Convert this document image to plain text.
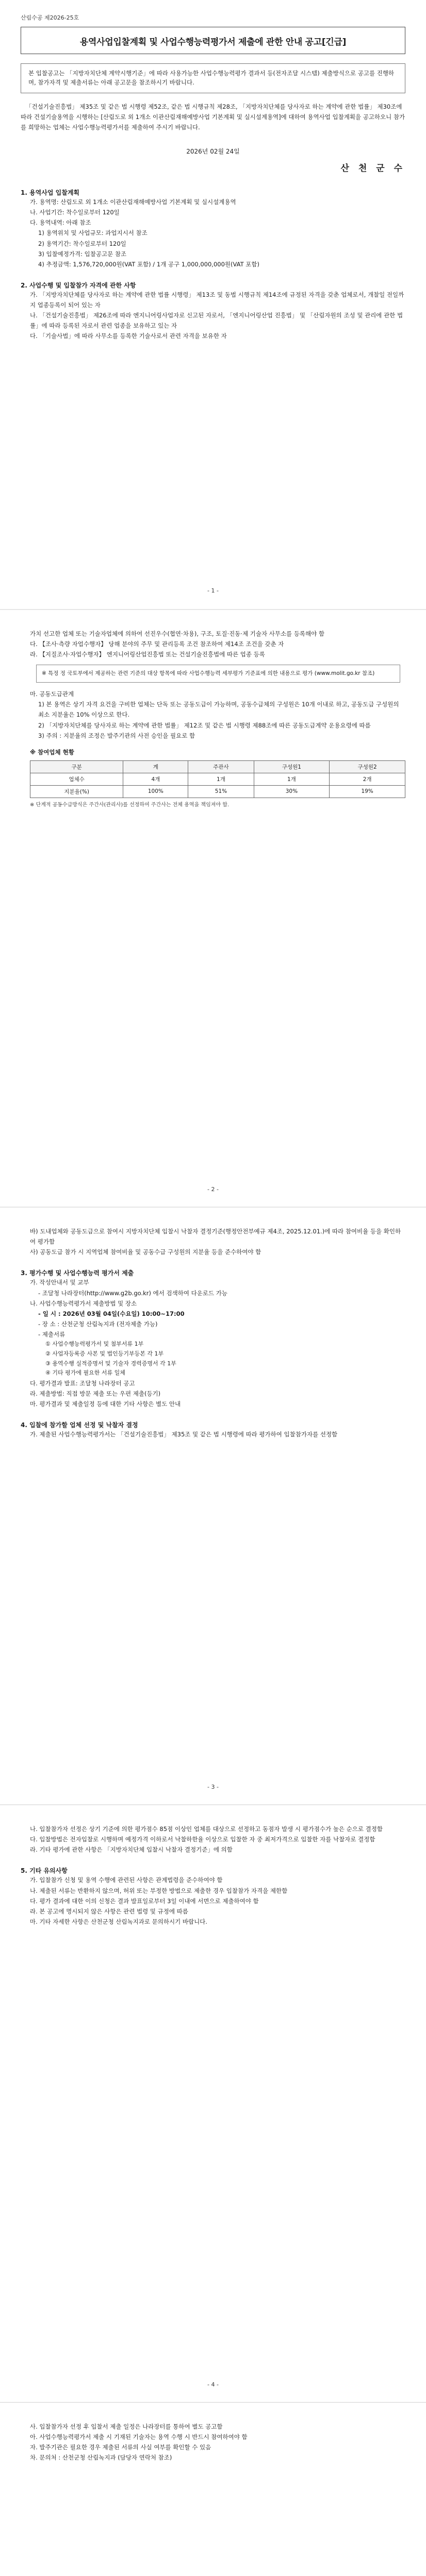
산림수공 제2026-25호
용역사업입찰계획 및 사업수행능력평가서 제출에 관한 안내 공고[긴급]
본 입찰공고는 「지방자치단체 계약시행기준」에 따라 사용가능한 사업수행능력평가 결과서 등(전자조달 시스템) 제출방식으로 공고를 진행하며, 참가자격 및 제출서류는 아래 공고문을 참조하시기 바랍니다.
「건설기술진흥법」 제35조 및 같은 법 시행령 제52조, 같은 법 시행규칙 제28조, 「지방자치단체를 당사자로 하는 계약에 관한 법률」 제30조에 따라 건설기술용역을 시행하는 [산림도로 외 1개소 이관산림재해예방사업 기본계획 및 실시설계용역]에 대하여 용역사업 입찰계획을 공고하오니 참가를 희망하는 업체는 사업수행능력평가서를 제출하여 주시기 바랍니다.
2026년 02월 24일
산 천 군 수
1. 용역사업 입찰계획
가. 용역명: 산림도로 외 1개소 이관산림재해예방사업 기본계획 및 실시설계용역
나. 사업기간: 착수일로부터 120일
다. 용역내역: 아래 참조
1) 용역위치 및 사업규모: 과업지시서 참조
2) 용역기간: 착수일로부터 120일
3) 입찰예정가격: 입찰공고문 참조
4) 추정금액: 1,576,720,000원(VAT 포함) / 1개 공구 1,000,000,000원(VAT 포함)
2. 사업수행 및 입찰참가 자격에 관한 사항
가. 「지방자치단체를 당사자로 하는 계약에 관한 법률 시행령」 제13조 및 동법 시행규칙 제14조에 규정된 자격을 갖춘 업체로서, 개찰일 전일까지 업종등록이 되어 있는 자
나. 「건설기술진흥법」 제26조에 따라 엔지니어링사업자로 신고된 자로서, 「엔지니어링산업 진흥법」 및 「산림자원의 조성 및 관리에 관한 법률」에 따라 등록된 자로서 관련 업종을 보유하고 있는 자
다. 「기술사법」에 따라 사무소를 등록한 기술사로서 관련 자격을 보유한 자
- 1 -
가치 선고한 업체 또는 기술자업체에 의하여 선진우수(협연·차용), 구조, 토질·진동·제 기술자 사무소를 등록해야 함
다. 【조사·측량 자업수행자】 당해 분야의 주무 및 관리등록 조건 참조하여 제14조 조건을 갖춘 자
라. 【지질조사·자업수행자】 엔지니어링산업진흥법 또는 건설기술진흥법에 따른 업종 등록
※ 특정 정 국토부에서 제공하는 관련 기준의 대상 항목에 따라 사업수행능력 세부평가 기준표에 의한 내용으로 평가 (www.molit.go.kr 참조)
마. 공동도급관계
1) 본 용역은 상기 자격 요건을 구비한 업체는 단독 또는 공동도급이 가능하며, 공동수급체의 구성원은 10개 이내로 하고, 공동도급 구성원의 최소 지분율은 10% 이상으로 한다.
2) 「지방자치단체를 당사자로 하는 계약에 관한 법률」 제12조 및 같은 법 시행령 제88조에 따른 공동도급계약 운용요령에 따름
3) 주의 : 지분율의 조정은 발주기관의 사전 승인을 필요로 함
※ 참여업체 현황
구분	계	주관사	구성원1	구성원2
업체수	4개	1개	1개	2개
지분율(%)	100%	51%	30%	19%
※ 단계적 공동수급방식은 주간사(관리사)를 선정하여 주간사는 전체 용역을 책임져야 함.
- 2 -
바) 도내업체와 공동도급으로 참여시 지방자치단체 입찰시 낙찰자 결정기준(행정안전부예규 제4조, 2025.12.01.)에 따라 참여비율 등을 확인하여 평가함
사) 공동도급 참가 시 지역업체 참여비율 및 공동수급 구성원의 지분율 등을 준수하여야 함
3. 평가수행 및 사업수행능력 평가서 제출
가. 작성안내서 및 교부
- 조달청 나라장터(http://www.g2b.go.kr) 에서 검색하여 다운로드 가능
나. 사업수행능력평가서 제출방법 및 장소
- 일 시 : 2026년 03월 04일(수요일) 10:00~17:00
- 장 소 : 산천군청 산림녹지과 (전자제출 가능)
- 제출서류
① 사업수행능력평가서 및 첨부서류 1부
② 사업자등록증 사본 및 법인등기부등본 각 1부
③ 용역수행 실적증명서 및 기술자 경력증명서 각 1부
④ 기타 평가에 필요한 서류 일체
다. 평가결과 발표: 조달청 나라장터 공고
라. 제출방법: 직접 방문 제출 또는 우편 제출(등기)
마. 평가결과 및 제출일정 등에 대한 기타 사항은 별도 안내
4. 입찰에 참가할 업체 선정 및 낙찰자 결정
가. 제출된 사업수행능력평가서는 「건설기술진흥법」 제35조 및 같은 법 시행령에 따라 평가하여 입찰참가자를 선정함
- 3 -
나. 입찰참가자 선정은 상기 기준에 의한 평가점수 85점 이상인 업체를 대상으로 선정하고 동점자 발생 시 평가점수가 높은 순으로 결정함
다. 입찰방법은 전자입찰로 시행하며 예정가격 이하로서 낙찰하한율 이상으로 입찰한 자 중 최저가격으로 입찰한 자를 낙찰자로 결정함
라. 기타 평가에 관한 사항은 「지방자치단체 입찰시 낙찰자 결정기준」에 의함
5. 기타 유의사항
가. 입찰참가 신청 및 용역 수행에 관련된 사항은 관계법령을 준수하여야 함
나. 제출된 서류는 반환하지 않으며, 허위 또는 부정한 방법으로 제출한 경우 입찰참가 자격을 제한함
다. 평가 결과에 대한 이의 신청은 결과 발표일로부터 3일 이내에 서면으로 제출하여야 함
라. 본 공고에 명시되지 않은 사항은 관련 법령 및 규정에 따름
마. 기타 자세한 사항은 산천군청 산림녹지과로 문의하시기 바랍니다.
- 4 -
사. 입찰참가자 선정 후 입찰서 제출 일정은 나라장터를 통하여 별도 공고함
아. 사업수행능력평가서 제출 시 기재된 기술자는 용역 수행 시 반드시 참여하여야 함
자. 발주기관은 필요한 경우 제출된 서류의 사실 여부를 확인할 수 있음
차. 문의처 : 산천군청 산림녹지과 (담당자 연락처 참조)
